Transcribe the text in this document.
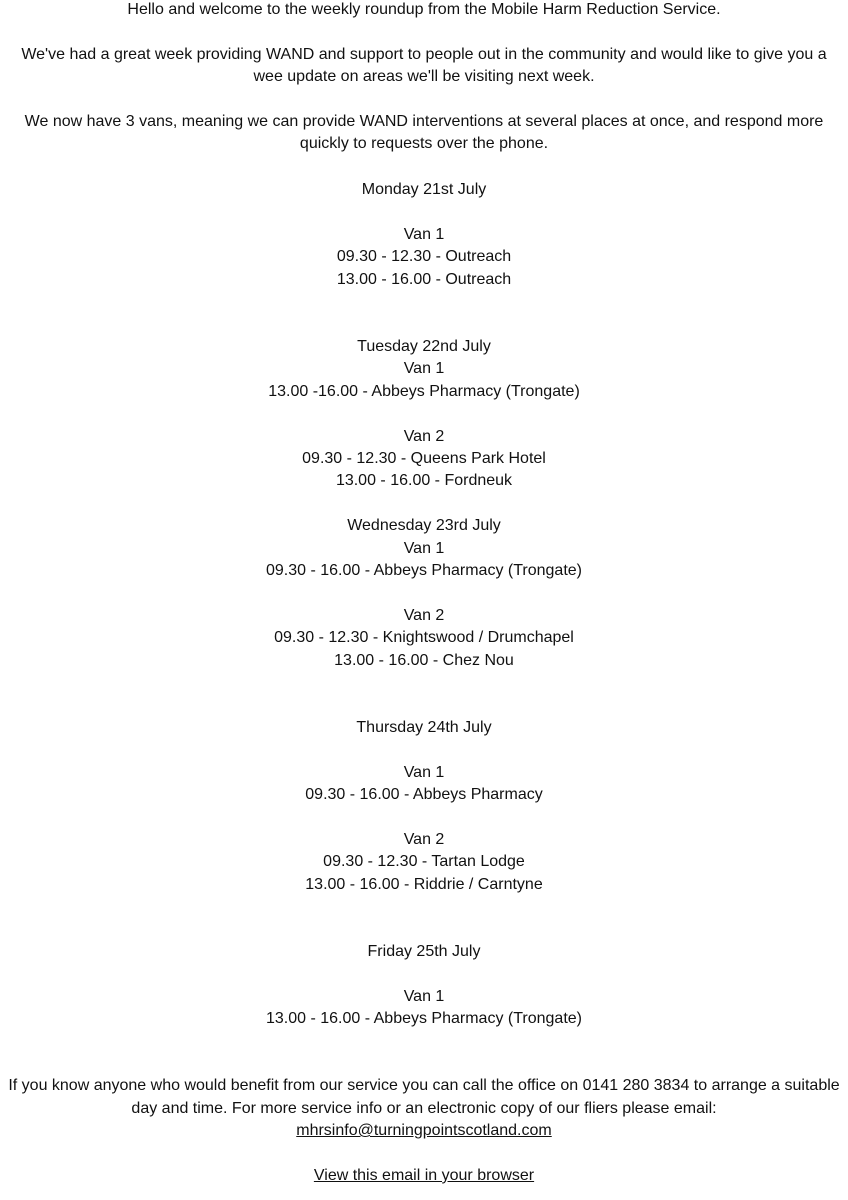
Hello and welcome to the weekly roundup from the Mobile Harm Reduction Service.
We've had a great week providing WAND and support to people out in the community and would like to give you a wee update on areas we'll be visiting next week.
We now have 3 vans, meaning we can provide WAND interventions at several places at once, and respond more quickly to requests over the phone.
Monday 21st July
Van 1
09.30 - 12.30 - Outreach
13.00 - 16.00 - Outreach
Tuesday 22nd July
Van 1
13.00 -16.00 - Abbeys Pharmacy (Trongate)
Van 2
09.30 - 12.30 - Queens Park Hotel
13.00 - 16.00 - Fordneuk
Wednesday 23rd July
Van 1
09.30 - 16.00 - Abbeys Pharmacy (Trongate)
Van 2
09.30 - 12.30 - Knightswood / Drumchapel
13.00 - 16.00 - Chez Nou
Thursday 24th July
Van 1
09.30 - 16.00 - Abbeys Pharmacy
Van 2
09.30 - 12.30 - Tartan Lodge
13.00 - 16.00 - Riddrie / Carntyne
Friday 25th July
Van 1
13.00 - 16.00 - Abbeys Pharmacy (Trongate)
If you know anyone who would benefit from our service you can call the office on 0141 280 3834 to arrange a suitable day and time. For more service info or an electronic copy of our fliers please email:
mhrsinfo@turningpointscotland.com
View this email in your browser
